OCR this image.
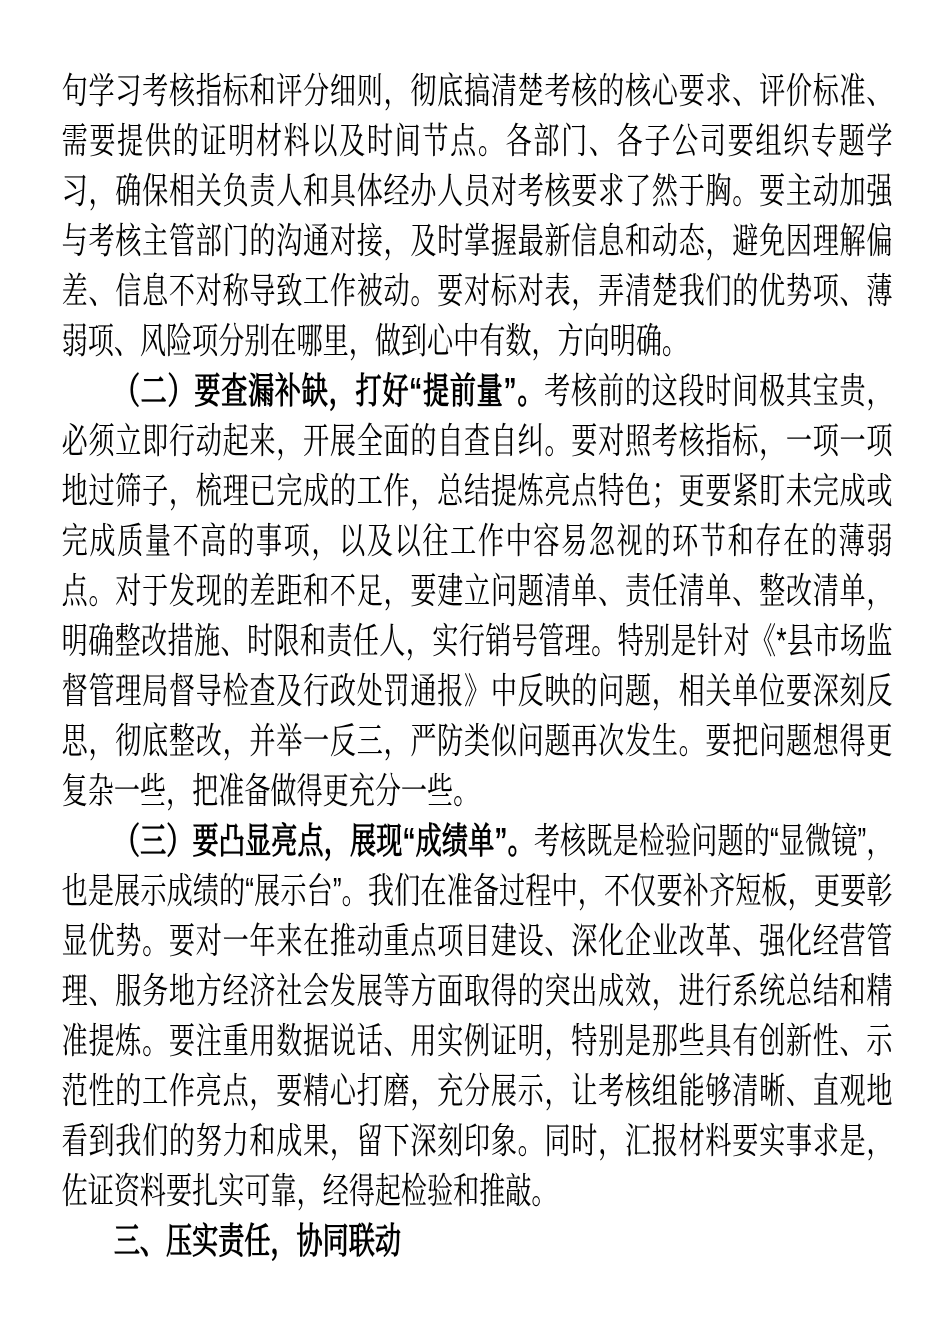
句学习考核指标和评分细则，彻底搞清楚考核的核心要求、评价标准、需要提供的证明材料以及时间节点。各部门、各子公司要组织专题学习，确保相关负责人和具体经办人员对考核要求了然于胸。要主动加强与考核主管部门的沟通对接，及时掌握最新信息和动态，避免因理解偏差、信息不对称导致工作被动。要对标对表，弄清楚我们的优势项、薄弱项、风险项分别在哪里，做到心中有数，方向明确。

（二）要查漏补缺，打好“提前量”。考核前的这段时间极其宝贵，必须立即行动起来，开展全面的自查自纠。要对照考核指标，一项一项地过筛子，梳理已完成的工作，总结提炼亮点特色；更要紧盯未完成或完成质量不高的事项，以及以往工作中容易忽视的环节和存在的薄弱点。对于发现的差距和不足，要建立问题清单、责任清单、整改清单，明确整改措施、时限和责任人，实行销号管理。特别是针对《*县市场监督管理局督导检查及行政处罚通报》中反映的问题，相关单位要深刻反思，彻底整改，并举一反三，严防类似问题再次发生。要把问题想得更复杂一些，把准备做得更充分一些。

（三）要凸显亮点，展现“成绩单”。考核既是检验问题的“显微镜”，也是展示成绩的“展示台”。我们在准备过程中，不仅要补齐短板，更要彰显优势。要对一年来在推动重点项目建设、深化企业改革、强化经营管理、服务地方经济社会发展等方面取得的突出成效，进行系统总结和精准提炼。要注重用数据说话、用实例证明，特别是那些具有创新性、示范性的工作亮点，要精心打磨，充分展示，让考核组能够清晰、直观地看到我们的努力和成果，留下深刻印象。同时，汇报材料要实事求是，佐证资料要扎实可靠，经得起检验和推敲。

三、压实责任，协同联动
